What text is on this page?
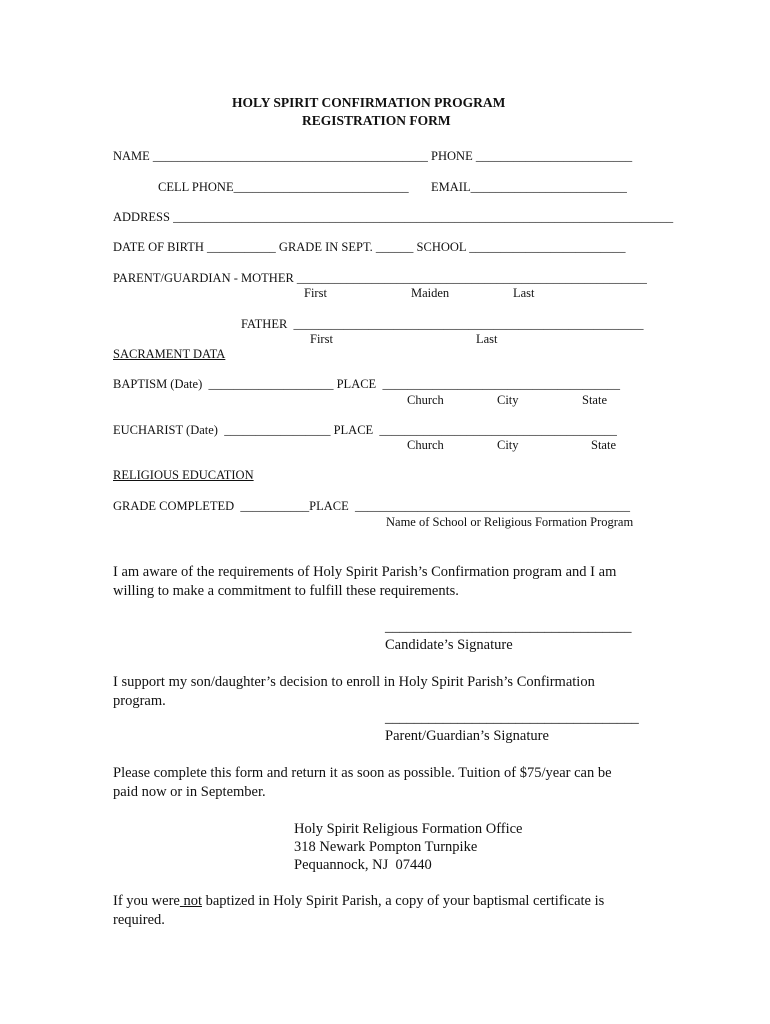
HOLY SPIRIT CONFIRMATION PROGRAM
REGISTRATION FORM
NAME ____________________________________________ PHONE _________________________
CELL PHONE____________________________ EMAIL_________________________
ADDRESS ________________________________________________________________________________
DATE OF BIRTH ___________ GRADE IN SEPT. ______ SCHOOL _________________________
PARENT/GUARDIAN - MOTHER ________________________________________________________
First	Maiden	Last
FATHER  ________________________________________________________
First	Last
SACRAMENT DATA
BAPTISM (Date)  ____________________ PLACE  ______________________________________
Church	City	State
EUCHARIST (Date)  _________________ PLACE  ______________________________________
Church	City	State
RELIGIOUS EDUCATION
GRADE COMPLETED  ___________PLACE  ____________________________________________
Name of School or Religious Formation Program
I am aware of the requirements of Holy Spirit Parish’s Confirmation program and I am
willing to make a commitment to fulfill these requirements.
__________________________________
Candidate’s Signature
I support my son/daughter’s decision to enroll in Holy Spirit Parish’s Confirmation
program.
___________________________________
Parent/Guardian’s Signature
Please complete this form and return it as soon as possible. Tuition of $75/year can be
paid now or in September.
Holy Spirit Religious Formation Office
318 Newark Pompton Turnpike
Pequannock, NJ  07440
If you were not baptized in Holy Spirit Parish, a copy of your baptismal certificate is
required.
